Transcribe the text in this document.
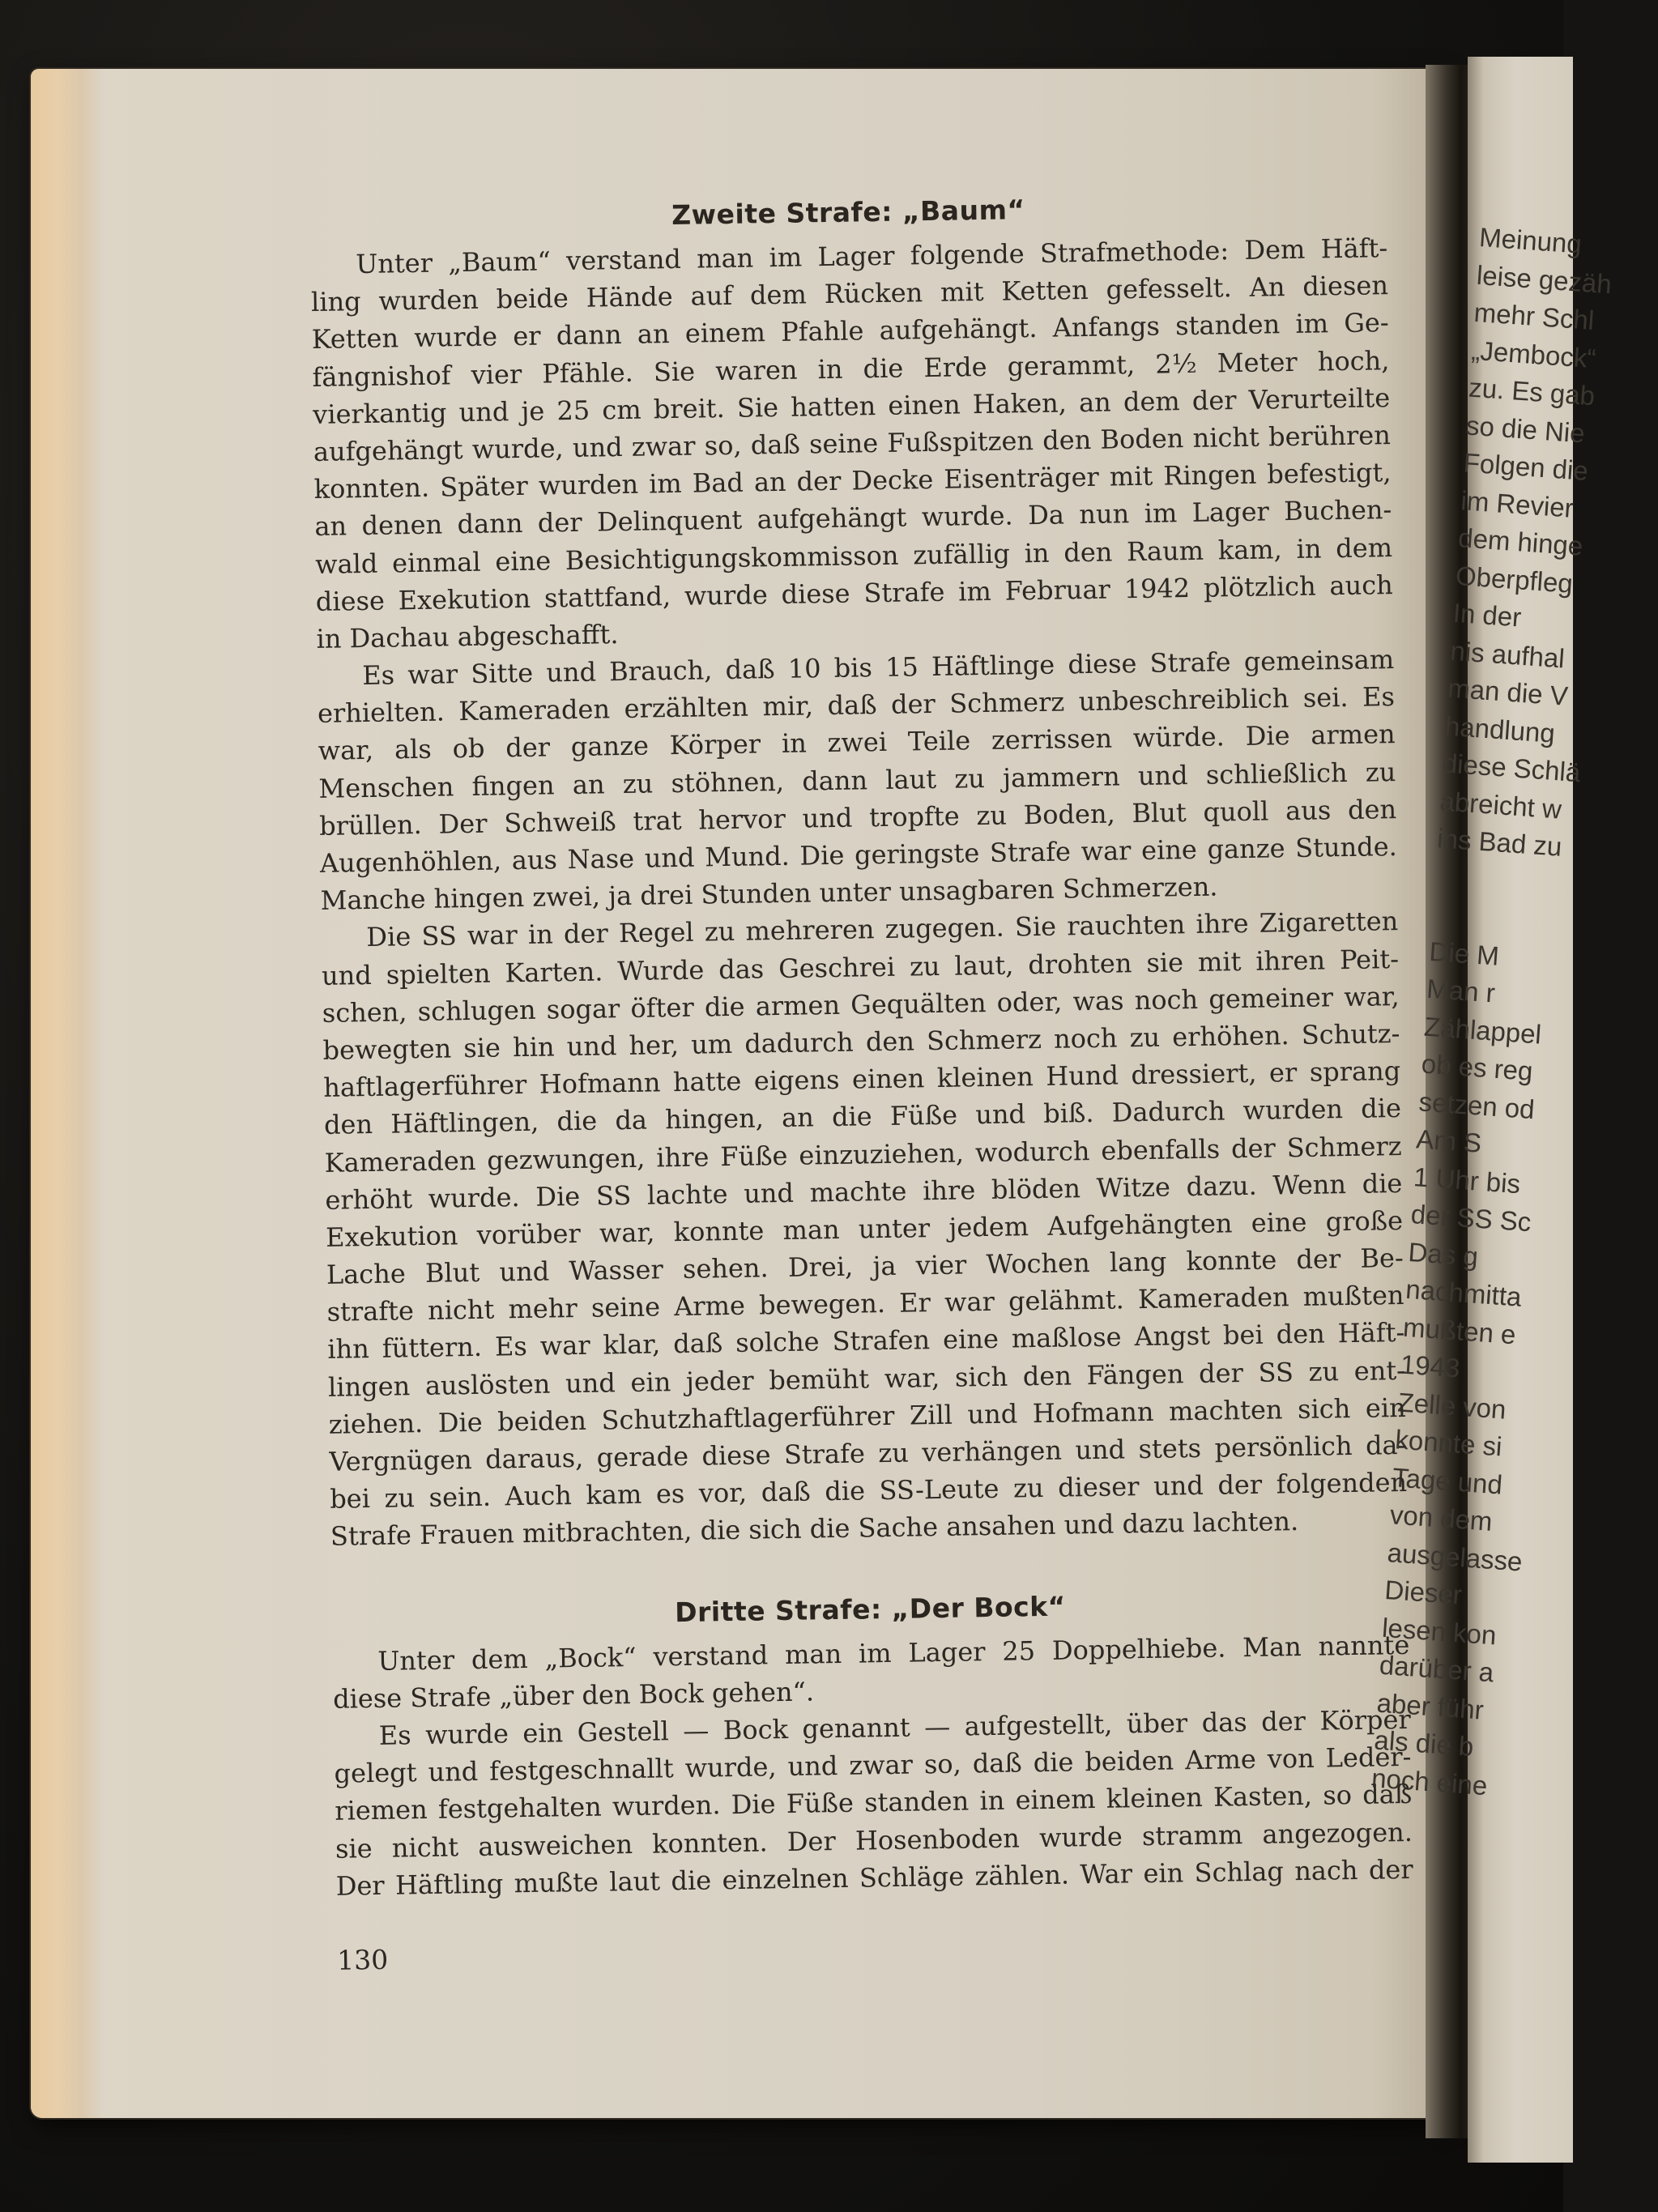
Meinung
leise gezäh
mehr Schl
„Jembock“
zu. Es gab
so die Nie
Folgen die
im Revier
dem hinge
Oberpfleg
In der
nis aufhal
man die V
handlung
diese Schlä
abreicht w
ins Bad zu
Die M
Man r
Zählappel
ob es reg
setzen od
Am S
1 Uhr bis
der SS Sc
Das g
nachmitta
mußten e
1943
Zelle von
konnte si
Tage und
von dem
ausgelasse
Dieser
lesen kon
darüber a
aber führ
als die b
noch eine
Zweite Strafe: „Baum“
Unter „Baum“ verstand man im Lager folgende Strafmethode: Dem Häft-
ling wurden beide Hände auf dem Rücken mit Ketten gefesselt. An diesen
Ketten wurde er dann an einem Pfahle aufgehängt. Anfangs standen im Ge-
fängnishof vier Pfähle. Sie waren in die Erde gerammt, 2½ Meter hoch,
vierkantig und je 25 cm breit. Sie hatten einen Haken, an dem der Verurteilte
aufgehängt wurde, und zwar so, daß seine Fußspitzen den Boden nicht berühren
konnten. Später wurden im Bad an der Decke Eisenträger mit Ringen befestigt,
an denen dann der Delinquent aufgehängt wurde. Da nun im Lager Buchen-
wald einmal eine Besichtigungskommisson zufällig in den Raum kam, in dem
diese Exekution stattfand, wurde diese Strafe im Februar 1942 plötzlich auch
in Dachau abgeschafft.
Es war Sitte und Brauch, daß 10 bis 15 Häftlinge diese Strafe gemeinsam
erhielten. Kameraden erzählten mir, daß der Schmerz unbeschreiblich sei. Es
war, als ob der ganze Körper in zwei Teile zerrissen würde. Die armen
Menschen fingen an zu stöhnen, dann laut zu jammern und schließlich zu
brüllen. Der Schweiß trat hervor und tropfte zu Boden, Blut quoll aus den
Augenhöhlen, aus Nase und Mund. Die geringste Strafe war eine ganze Stunde.
Manche hingen zwei, ja drei Stunden unter unsagbaren Schmerzen.
Die SS war in der Regel zu mehreren zugegen. Sie rauchten ihre Zigaretten
und spielten Karten. Wurde das Geschrei zu laut, drohten sie mit ihren Peit-
schen, schlugen sogar öfter die armen Gequälten oder, was noch gemeiner war,
bewegten sie hin und her, um dadurch den Schmerz noch zu erhöhen. Schutz-
haftlagerführer Hofmann hatte eigens einen kleinen Hund dressiert, er sprang
den Häftlingen, die da hingen, an die Füße und biß. Dadurch wurden die
Kameraden gezwungen, ihre Füße einzuziehen, wodurch ebenfalls der Schmerz
erhöht wurde. Die SS lachte und machte ihre blöden Witze dazu. Wenn die
Exekution vorüber war, konnte man unter jedem Aufgehängten eine große
Lache Blut und Wasser sehen. Drei, ja vier Wochen lang konnte der Be-
strafte nicht mehr seine Arme bewegen. Er war gelähmt. Kameraden mußten
ihn füttern. Es war klar, daß solche Strafen eine maßlose Angst bei den Häft-
lingen auslösten und ein jeder bemüht war, sich den Fängen der SS zu ent-
ziehen. Die beiden Schutzhaftlagerführer Zill und Hofmann machten sich ein
Vergnügen daraus, gerade diese Strafe zu verhängen und stets persönlich da-
bei zu sein. Auch kam es vor, daß die SS-Leute zu dieser und der folgenden
Strafe Frauen mitbrachten, die sich die Sache ansahen und dazu lachten.
Dritte Strafe: „Der Bock“
Unter dem „Bock“ verstand man im Lager 25 Doppelhiebe. Man nannte
diese Strafe „über den Bock gehen“.
Es wurde ein Gestell — Bock genannt — aufgestellt, über das der Körper
gelegt und festgeschnallt wurde, und zwar so, daß die beiden Arme von Leder-
riemen festgehalten wurden. Die Füße standen in einem kleinen Kasten, so daß
sie nicht ausweichen konnten. Der Hosenboden wurde stramm angezogen.
Der Häftling mußte laut die einzelnen Schläge zählen. War ein Schlag nach der

130
